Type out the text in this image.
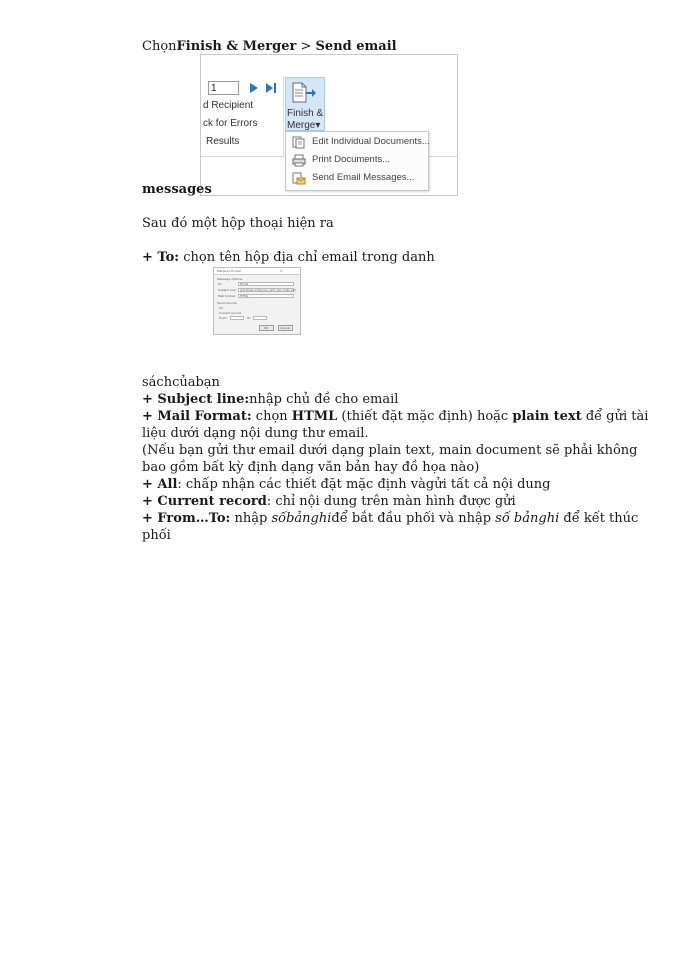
ChọnFinish & Merger > Send email
1
d Recipient
ck for Errors
Results
Finish &
Merge▾
Edit Individual Documents...
Print Documents...
Send Email Messages...
messages
Sau đó một hộp thoại hiện ra
+ To: chọn tên hộp địa chỉ email trong danh
Merge to E-mail	✕
Message options
To:	Email
Subject line: giới thiệu khóa học anh văn miễn phí
Mail format: HTML
Send records
All
Current record
From:	To:
OK	Cancel
sáchcủabạn
+ Subject line:nhập chủ đề cho email
+ Mail Format: chọn HTML (thiết đặt mặc định) hoặc plain text để gửi tài
liệu dưới dạng nội dung thư email.
(Nếu bạn gửi thư email dưới dạng plain text, main document sẽ phải không
bao gồm bất kỳ định dạng văn bản hay đồ họa nào)
+ All: chấp nhận các thiết đặt mặc định vàgửi tất cả nội dung
+ Current record: chỉ nội dung trên màn hình được gửi
+ From…To: nhập sốbảnghiđể bắt đầu phối và nhập số bảnghi để kết thúc
phối
